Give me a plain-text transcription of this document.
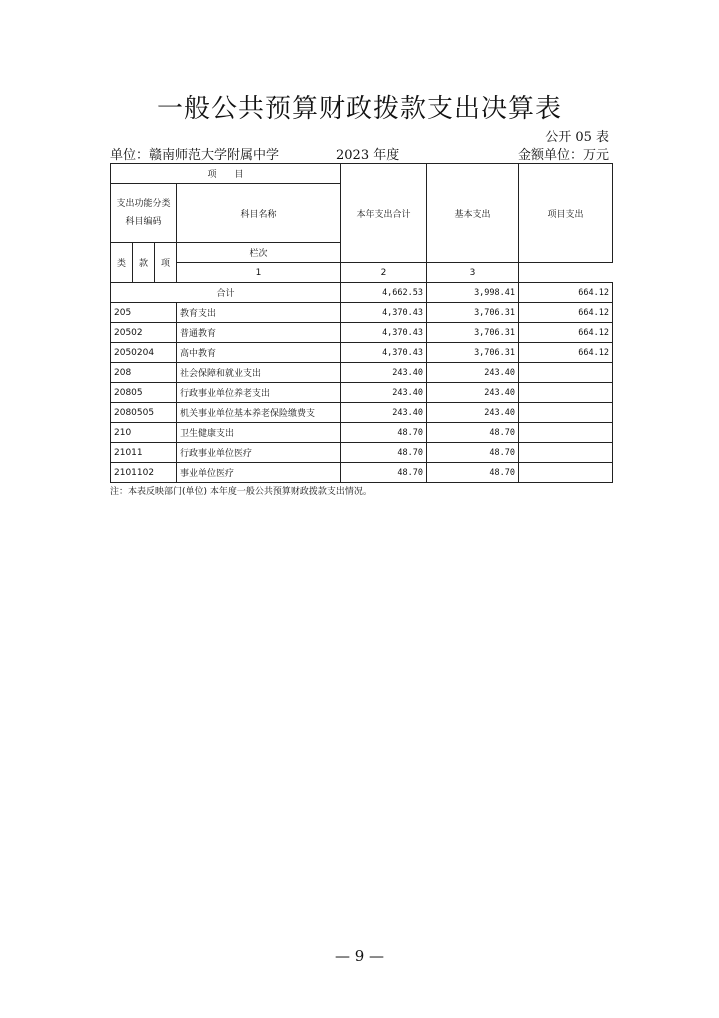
一般公共预算财政拨款支出决算表
公开 05 表
单位：赣南师范大学附属中学	2023 年度	金额单位：万元
项　　目				本年支出合计	基本支出	项目支出
支出功能分类科目编码			科目名称			
类	款	项	栏次			
			1	2	3	
合计				4,662.53	3,998.41	664.12
205			教育支出	4,370.43	3,706.31	664.12
20502			普通教育	4,370.43	3,706.31	664.12
2050204			高中教育	4,370.43	3,706.31	664.12
208			社会保障和就业支出	243.40	243.40	
20805			行政事业单位养老支出	243.40	243.40	
2080505			机关事业单位基本养老保险缴费支	243.40	243.40	
210			卫生健康支出	48.70	48.70	
21011			行政事业单位医疗	48.70	48.70	
2101102			事业单位医疗	48.70	48.70	
注：本表反映部门(单位) 本年度一般公共预算财政拨款支出情况。
— 9 —
